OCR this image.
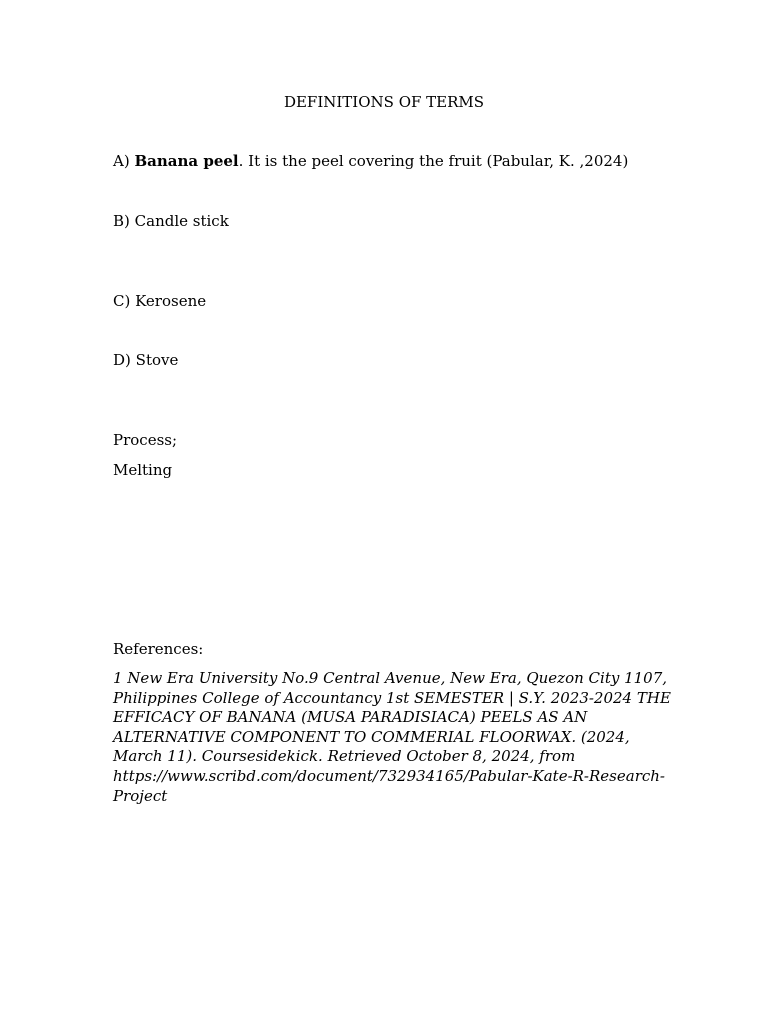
DEFINITIONS OF TERMS

A) Banana peel. It is the peel covering the fruit (Pabular, K. ,2024)

B) Candle stick

C) Kerosene

D) Stove

Process;

Melting

References:

1 New Era University No.9 Central Avenue, New Era, Quezon City 1107,
Philippines College of Accountancy 1st SEMESTER | S.Y. 2023-2024 THE
EFFICACY OF BANANA (MUSA PARADISIACA) PEELS AS AN
ALTERNATIVE COMPONENT TO COMMERIAL FLOORWAX. (2024,
March 11). Coursesidekick. Retrieved October 8, 2024, from
https://www.scribd.com/document/732934165/Pabular-Kate-R-Research-
Project
